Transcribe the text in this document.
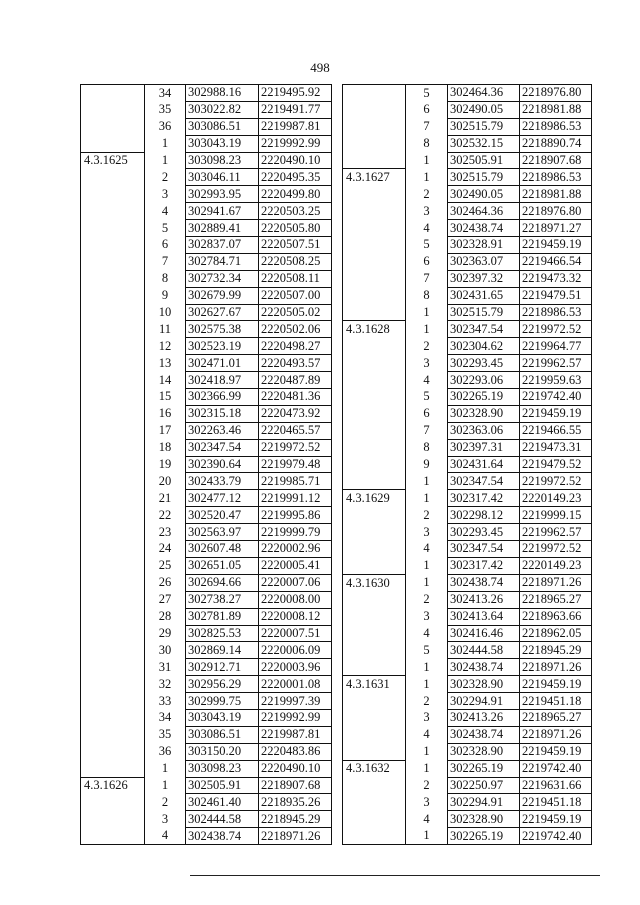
498
	34	302988.16	2219495.92
	35	303022.82	2219491.77
	36	303086.51	2219987.81
	1	303043.19	2219992.99
4.3.1625	1	303098.23	2220490.10
	2	303046.11	2220495.35
	3	302993.95	2220499.80
	4	302941.67	2220503.25
	5	302889.41	2220505.80
	6	302837.07	2220507.51
	7	302784.71	2220508.25
	8	302732.34	2220508.11
	9	302679.99	2220507.00
	10	302627.67	2220505.02
	11	302575.38	2220502.06
	12	302523.19	2220498.27
	13	302471.01	2220493.57
	14	302418.97	2220487.89
	15	302366.99	2220481.36
	16	302315.18	2220473.92
	17	302263.46	2220465.57
	18	302347.54	2219972.52
	19	302390.64	2219979.48
	20	302433.79	2219985.71
	21	302477.12	2219991.12
	22	302520.47	2219995.86
	23	302563.97	2219999.79
	24	302607.48	2220002.96
	25	302651.05	2220005.41
	26	302694.66	2220007.06
	27	302738.27	2220008.00
	28	302781.89	2220008.12
	29	302825.53	2220007.51
	30	302869.14	2220006.09
	31	302912.71	2220003.96
	32	302956.29	2220001.08
	33	302999.75	2219997.39
	34	303043.19	2219992.99
	35	303086.51	2219987.81
	36	303150.20	2220483.86
	1	303098.23	2220490.10
4.3.1626	1	302505.91	2218907.68
	2	302461.40	2218935.26
	3	302444.58	2218945.29
	4	302438.74	2218971.26
	5	302464.36	2218976.80
	6	302490.05	2218981.88
	7	302515.79	2218986.53
	8	302532.15	2218890.74
	1	302505.91	2218907.68
4.3.1627	1	302515.79	2218986.53
	2	302490.05	2218981.88
	3	302464.36	2218976.80
	4	302438.74	2218971.27
	5	302328.91	2219459.19
	6	302363.07	2219466.54
	7	302397.32	2219473.32
	8	302431.65	2219479.51
	1	302515.79	2218986.53
4.3.1628	1	302347.54	2219972.52
	2	302304.62	2219964.77
	3	302293.45	2219962.57
	4	302293.06	2219959.63
	5	302265.19	2219742.40
	6	302328.90	2219459.19
	7	302363.06	2219466.55
	8	302397.31	2219473.31
	9	302431.64	2219479.52
	1	302347.54	2219972.52
4.3.1629	1	302317.42	2220149.23
	2	302298.12	2219999.15
	3	302293.45	2219962.57
	4	302347.54	2219972.52
	1	302317.42	2220149.23
4.3.1630	1	302438.74	2218971.26
	2	302413.26	2218965.27
	3	302413.64	2218963.66
	4	302416.46	2218962.05
	5	302444.58	2218945.29
	1	302438.74	2218971.26
4.3.1631	1	302328.90	2219459.19
	2	302294.91	2219451.18
	3	302413.26	2218965.27
	4	302438.74	2218971.26
	1	302328.90	2219459.19
4.3.1632	1	302265.19	2219742.40
	2	302250.97	2219631.66
	3	302294.91	2219451.18
	4	302328.90	2219459.19
	1	302265.19	2219742.40
